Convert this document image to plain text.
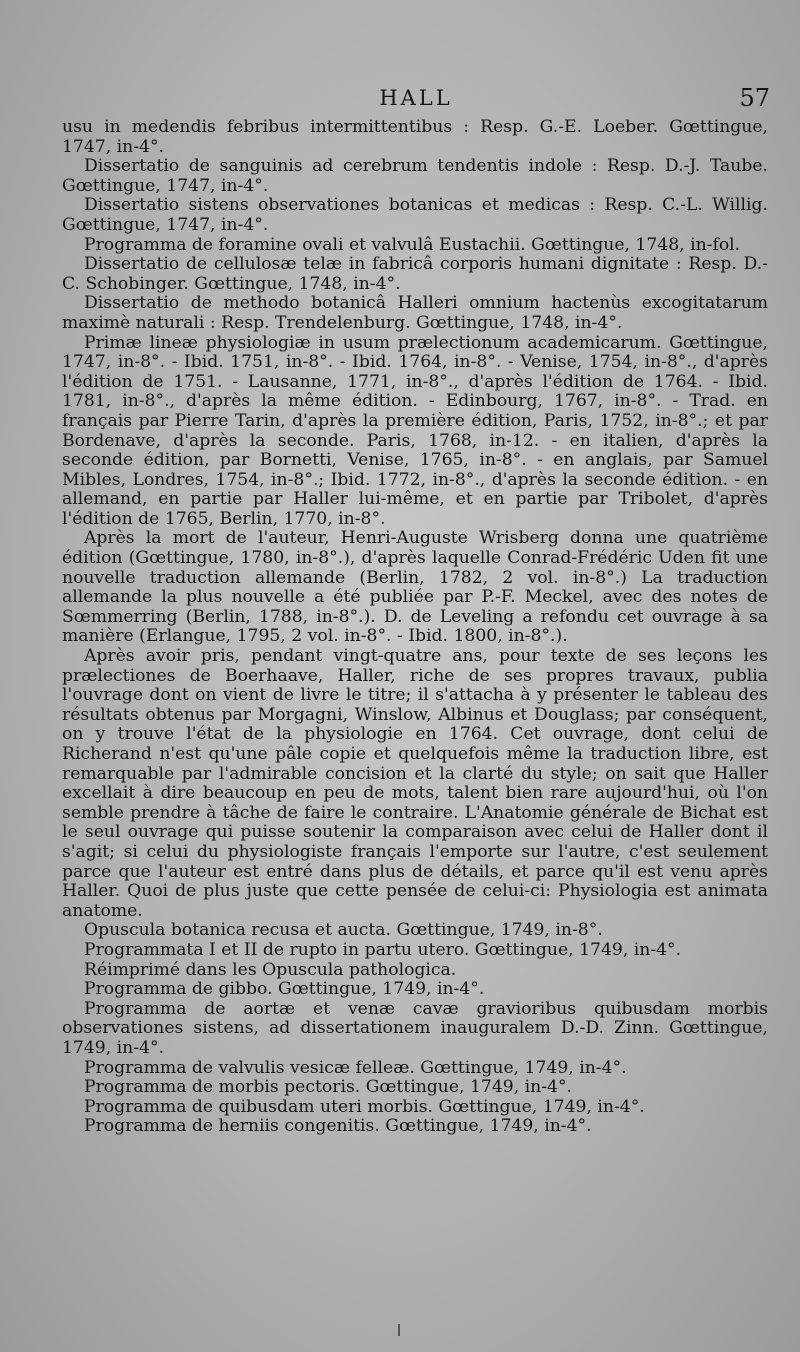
HALL	57

usu in medendis febribus intermittentibus : Resp. G.-E. Loeber. Gœttingue, 1747, in-4°.

Dissertatio de sanguinis ad cerebrum tendentis indole : Resp. D.-J. Taube. Gœttingue, 1747, in-4°.

Dissertatio sistens observationes botanicas et medicas : Resp. C.-L. Willig. Gœttingue, 1747, in-4°.

Programma de foramine ovali et valvulâ Eustachii. Gœttingue, 1748, in-fol.

Dissertatio de cellulosæ telæ in fabricâ corporis humani dignitate : Resp. D.-C. Schobinger. Gœttingue, 1748, in-4°.

Dissertatio de methodo botanicâ Halleri omnium hactenùs excogitatarum maximè naturali : Resp. Trendelenburg. Gœttingue, 1748, in-4°.

Primæ lineæ physiologiæ in usum prælectionum academicarum. Gœttingue, 1747, in-8°. - Ibid. 1751, in-8°. - Ibid. 1764, in-8°. - Venise, 1754, in-8°., d'après l'édition de 1751. - Lausanne, 1771, in-8°., d'après l'édition de 1764. - Ibid. 1781, in-8°., d'après la même édition. - Edinbourg, 1767, in-8°. - Trad. en français par Pierre Tarin, d'après la première édition, Paris, 1752, in-8°.; et par Bordenave, d'après la seconde. Paris, 1768, in-12. - en italien, d'après la seconde édition, par Bornetti, Venise, 1765, in-8°. - en anglais, par Samuel Mibles, Londres, 1754, in-8°.; Ibid. 1772, in-8°., d'après la seconde édition. - en allemand, en partie par Haller lui-même, et en partie par Tribolet, d'après l'édition de 1765, Berlin, 1770, in-8°.

Après la mort de l'auteur, Henri-Auguste Wrisberg donna une quatrième édition (Gœttingue, 1780, in-8°.), d'après laquelle Conrad-Frédéric Uden fit une nouvelle traduction allemande (Berlin, 1782, 2 vol. in-8°.) La traduction allemande la plus nouvelle a été publiée par P.-F. Meckel, avec des notes de Sœmmerring (Berlin, 1788, in-8°.). D. de Leveling a refondu cet ouvrage à sa manière (Erlangue, 1795, 2 vol. in-8°. - Ibid. 1800, in-8°.).

Après avoir pris, pendant vingt-quatre ans, pour texte de ses leçons les prælectiones de Boerhaave, Haller, riche de ses propres travaux, publia l'ouvrage dont on vient de livre le titre; il s'attacha à y présenter le tableau des résultats obtenus par Morgagni, Winslow, Albinus et Douglass; par conséquent, on y trouve l'état de la physiologie en 1764. Cet ouvrage, dont celui de Richerand n'est qu'une pâle copie et quelquefois même la traduction libre, est remarquable par l'admirable concision et la clarté du style; on sait que Haller excellait à dire beaucoup en peu de mots, talent bien rare aujourd'hui, où l'on semble prendre à tâche de faire le contraire. L'Anatomie générale de Bichat est le seul ouvrage qui puisse soutenir la comparaison avec celui de Haller dont il s'agit; si celui du physiologiste français l'emporte sur l'autre, c'est seulement parce que l'auteur est entré dans plus de détails, et parce qu'il est venu après Haller. Quoi de plus juste que cette pensée de celui-ci: Physiologia est animata anatome.

Opuscula botanica recusa et aucta. Gœttingue, 1749, in-8°.

Programmata I et II de rupto in partu utero. Gœttingue, 1749, in-4°.

Réimprimé dans les Opuscula pathologica.

Programma de gibbo. Gœttingue, 1749, in-4°.

Programma de aortæ et venæ cavæ gravioribus quibusdam morbis observationes sistens, ad dissertationem inauguralem D.-D. Zinn. Gœttingue, 1749, in-4°.

Programma de valvulis vesicæ felleæ. Gœttingue, 1749, in-4°.

Programma de morbis pectoris. Gœttingue, 1749, in-4°.

Programma de quibusdam uteri morbis. Gœttingue, 1749, in-4°.

Programma de herniis congenitis. Gœttingue, 1749, in-4°.
